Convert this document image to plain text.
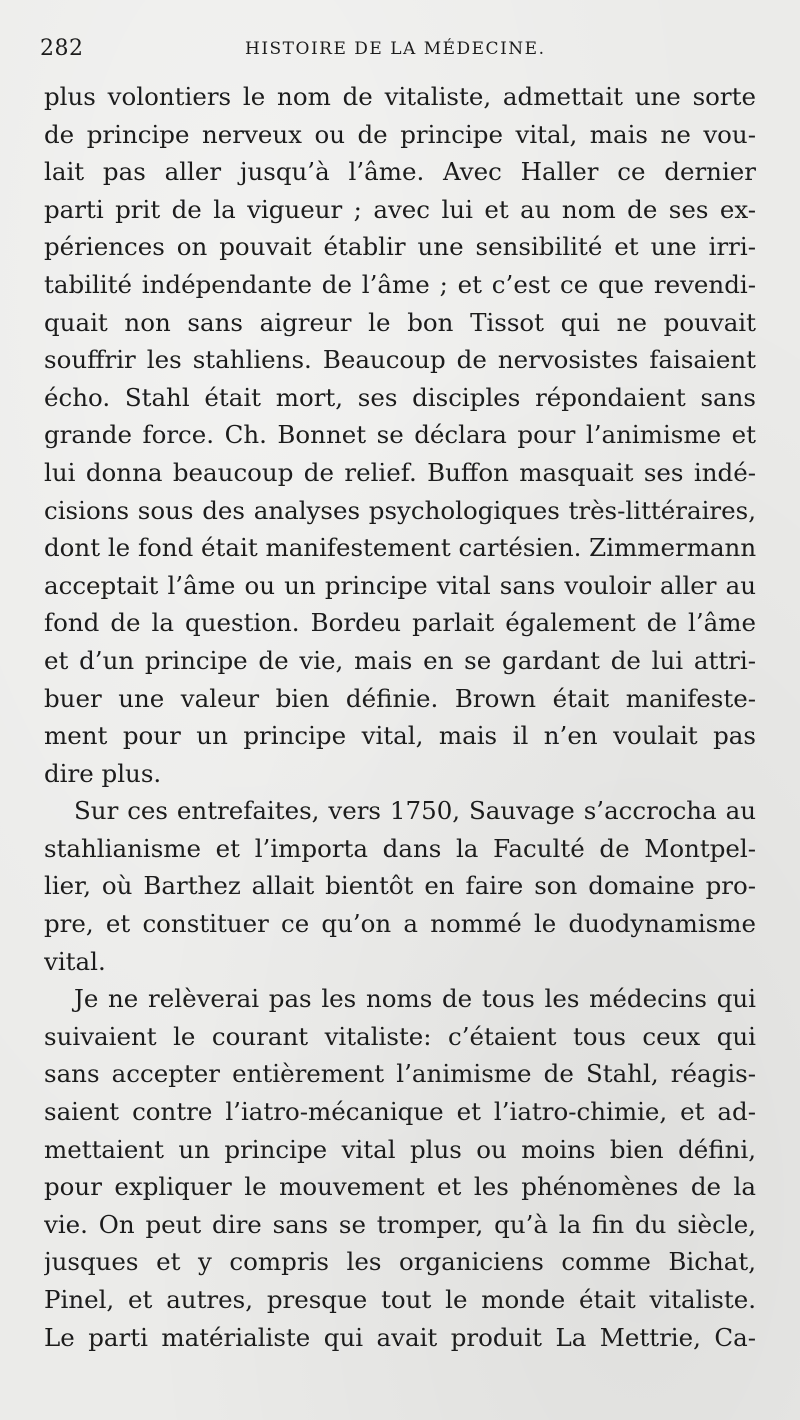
282	HISTOIRE DE LA MÉDECINE.
plus volontiers le nom de vitaliste, admettait une sorte
de principe nerveux ou de principe vital, mais ne vou-
lait pas aller jusqu’à l’âme. Avec Haller ce dernier
parti prit de la vigueur ; avec lui et au nom de ses ex-
périences on pouvait établir une sensibilité et une irri-
tabilité indépendante de l’âme ; et c’est ce que revendi-
quait non sans aigreur le bon Tissot qui ne pouvait
souffrir les stahliens. Beaucoup de nervosistes faisaient
écho. Stahl était mort, ses disciples répondaient sans
grande force. Ch. Bonnet se déclara pour l’animisme et
lui donna beaucoup de relief. Buffon masquait ses indé-
cisions sous des analyses psychologiques très-littéraires,
dont le fond était manifestement cartésien. Zimmermann
acceptait l’âme ou un principe vital sans vouloir aller au
fond de la question. Bordeu parlait également de l’âme
et d’un principe de vie, mais en se gardant de lui attri-
buer une valeur bien définie. Brown était manifeste-
ment pour un principe vital, mais il n’en voulait pas
dire plus.
Sur ces entrefaites, vers 1750, Sauvage s’accrocha au
stahlianisme et l’importa dans la Faculté de Montpel-
lier, où Barthez allait bientôt en faire son domaine pro-
pre, et constituer ce qu’on a nommé le duodynamisme
vital.
Je ne relèverai pas les noms de tous les médecins qui
suivaient le courant vitaliste: c’étaient tous ceux qui
sans accepter entièrement l’animisme de Stahl, réagis-
saient contre l’iatro-mécanique et l’iatro-chimie, et ad-
mettaient un principe vital plus ou moins bien défini,
pour expliquer le mouvement et les phénomènes de la
vie. On peut dire sans se tromper, qu’à la fin du siècle,
jusques et y compris les organiciens comme Bichat,
Pinel, et autres, presque tout le monde était vitaliste.
Le parti matérialiste qui avait produit La Mettrie, Ca-
